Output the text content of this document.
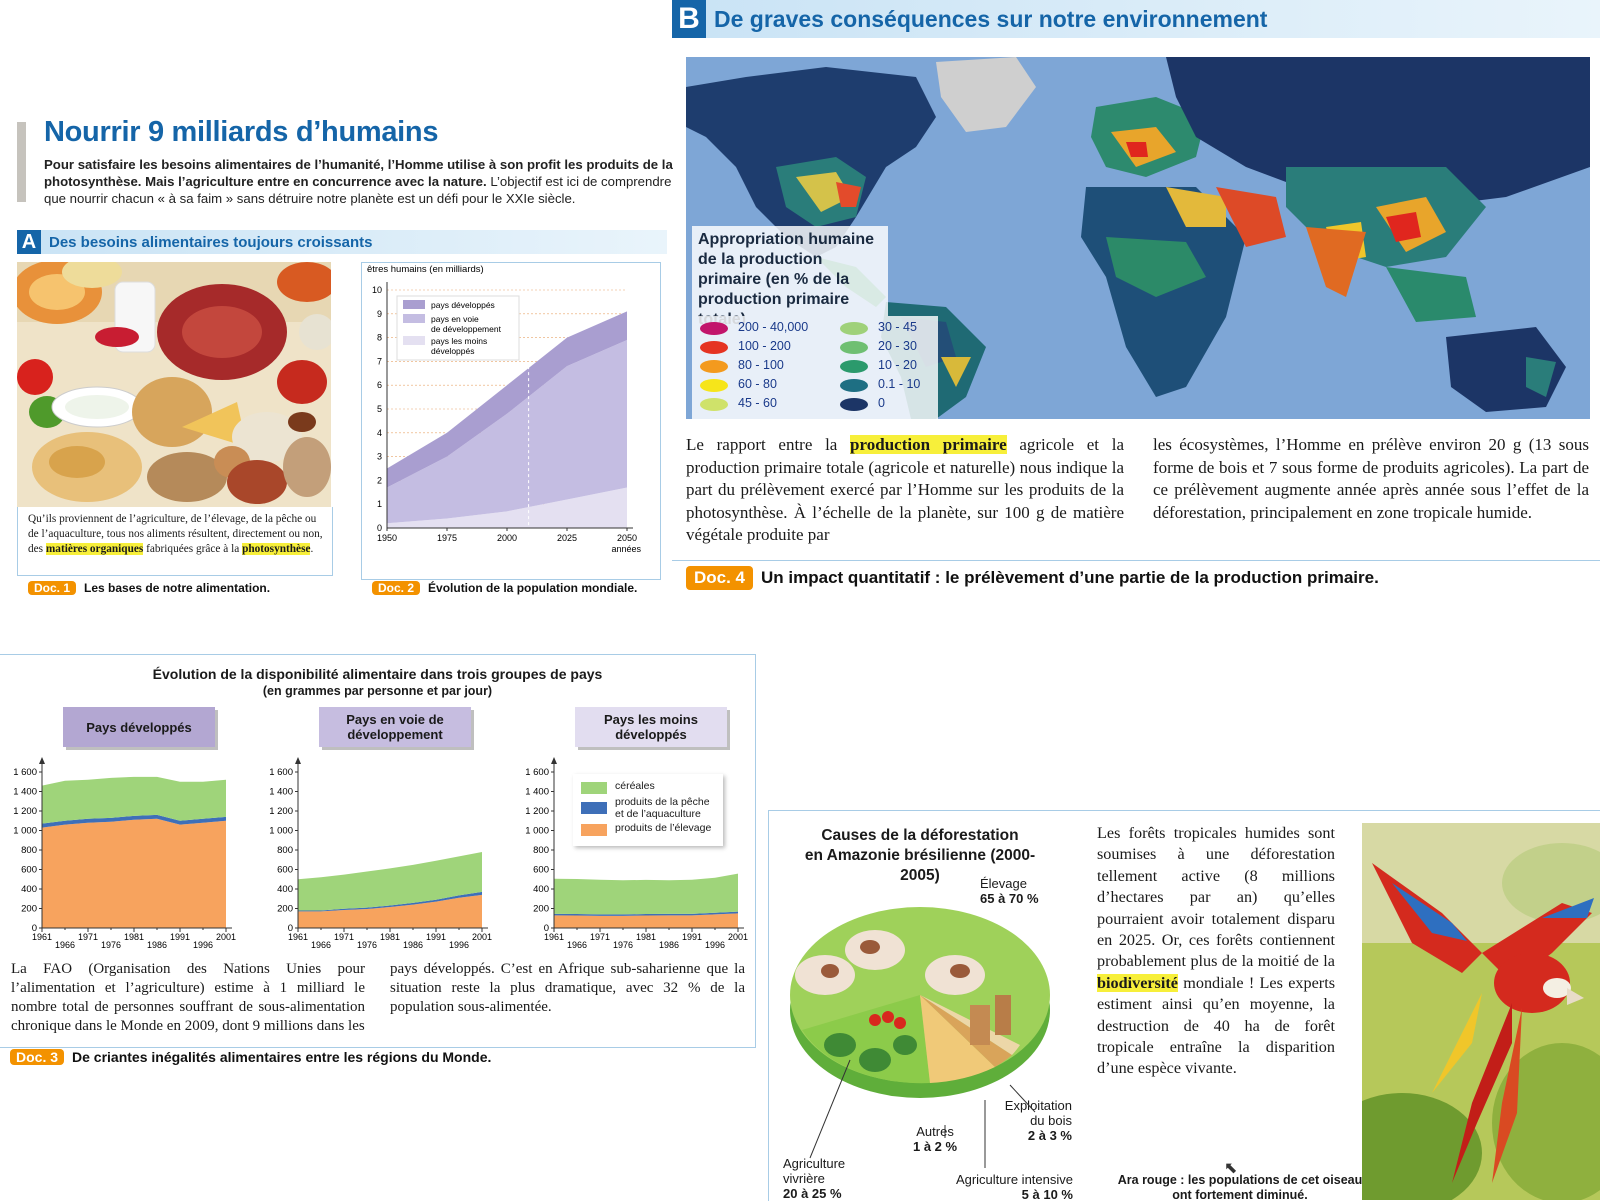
B De graves conséquences sur notre environnement
Nourrir 9 milliards d’humains
Pour satisfaire les besoins alimentaires de l’humanité, l’Homme utilise à son profit les produits de la photosynthèse. Mais l’agriculture entre en concurrence avec la nature. L’objectif est ici de comprendre que nourrir chacun « à sa faim » sans détruire notre planète est un défi pour le XXIe siècle.
A Des besoins alimentaires toujours croissants
Qu’ils proviennent de l’agriculture, de l’élevage, de la pêche ou de l’aquaculture, tous nos aliments résultent, directement ou non, des matières organiques fabriquées grâce à la photosynthèse.
Doc. 1	Les bases de notre alimentation.
0
1
2
3
4
5
6
7
8
9
10
1950	1975	2000	2025	2050
êtres humains (en milliards)
années
pays développés
pays en voie de développement
pays les moins développés
Doc. 2	Évolution de la population mondiale.
Appropriation humaine de la production primaire (en % de la production primaire
200 - 40,000
100 - 200
80 - 100
60 - 80
45 - 60
30 - 45
20 - 30
10 - 20
0.1 - 10
0
Le rapport entre la production primaire agricole et la production primaire totale (agricole et naturelle) nous indique la part du prélèvement exercé par l’Homme sur les produits de la photosynthèse. À l’échelle de la planète, sur 100 g de matière végétale produite par
les écosystèmes, l’Homme en prélève environ 20 g (13 sous forme de bois et 7 sous forme de produits agricoles). La part de ce prélèvement augmente année après année sous l’effet de la déforestation, principalement en zone tropicale humide.
Doc. 4 Un impact quantitatif : le prélèvement d’une partie de la production primaire.
Évolution de la disponibilité alimentaire dans trois groupes de pays
(en grammes par personne et par jour)
Pays développés	Pays en voie de développement
Pays les moins développés
0
200
400
600
800
1 000
1 200
1 400
1 600
1961	1971	1981	1991	2001
1966	1976	1986	1996
0
200
400
600
800
1 000
1 200
1 400
1 600
1961	1971	1981	1991	2001
1966	1976	1986	1996
0
200
400
600
800
1 000
1 200
1 400
1 600
1961	1971	1981	1991	2001
1966	1976	1986	1996
céréales
produits de la pêche et de l’aquaculture
produits de l’élevage
La FAO (Organisation des Nations Unies pour l’alimentation et l’agriculture) estime à 1 milliard le nombre total de personnes souffrant de sous-alimentation chronique dans le Monde en 2009, dont 9 millions dans les
pays développés. C’est en Afrique sub-saharienne que la situation reste la plus dramatique, avec 32 % de la population sous-alimentée.
Doc. 3	De criantes inégalités alimentaires entre les régions du Monde.
Causes de la déforestation
en Amazonie brésilienne (2000-2005)	Élevage
65 à 70 %
Exploitation du bois
2 à 3 %
Autres
1 à 2 %
Agriculture vivrière
20 à 25 %
Agriculture intensive
5 à 10 %
Les forêts tropicales humides sont soumises à une déforestation tellement active (8 millions d’hectares par an) qu’elles pourraient avoir totalement disparu en 2025. Or, ces forêts contiennent probablement plus de la moitié de la biodiversité mondiale ! Les experts estiment ainsi qu’en moyenne, la destruction de 40 ha de forêt tropicale entraîne la disparition d’une espèce vivante.
Ara rouge : les populations de cet oiseau ont fortement diminué.
⬉
